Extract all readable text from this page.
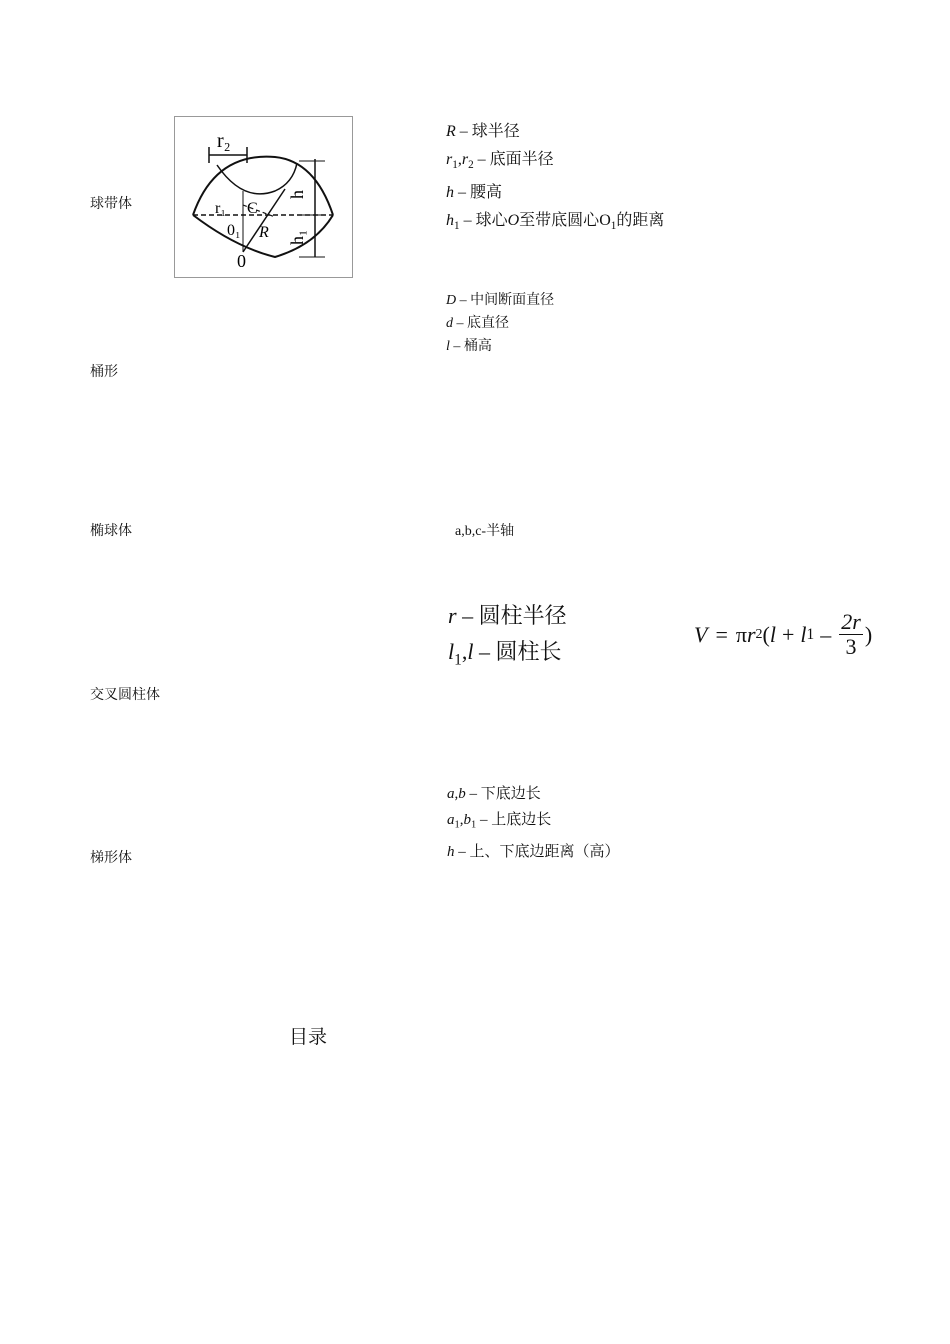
球带体
r₂
r₁ C
0₁ R
0
h
h₁
R – 球半径
$r_1,r_2$ – 底面半径
h – 腰高
$h_1$ – 球心O至带底圆心$O_1$的距离
D – 中间断面直径
d – 底直径
l – 桶高
桶形
椭球体	a,b,c-半轴
r – 圆柱半径
$l_1,l$ – 圆柱长
V = π r 2 ( l + l $1 - \frac{2r}{3}$ )
交叉圆柱体
a,b – 下底边长
$a_1,b_1$ – 上底边长
h – 上、下底边距离（高）
梯形体
目录
